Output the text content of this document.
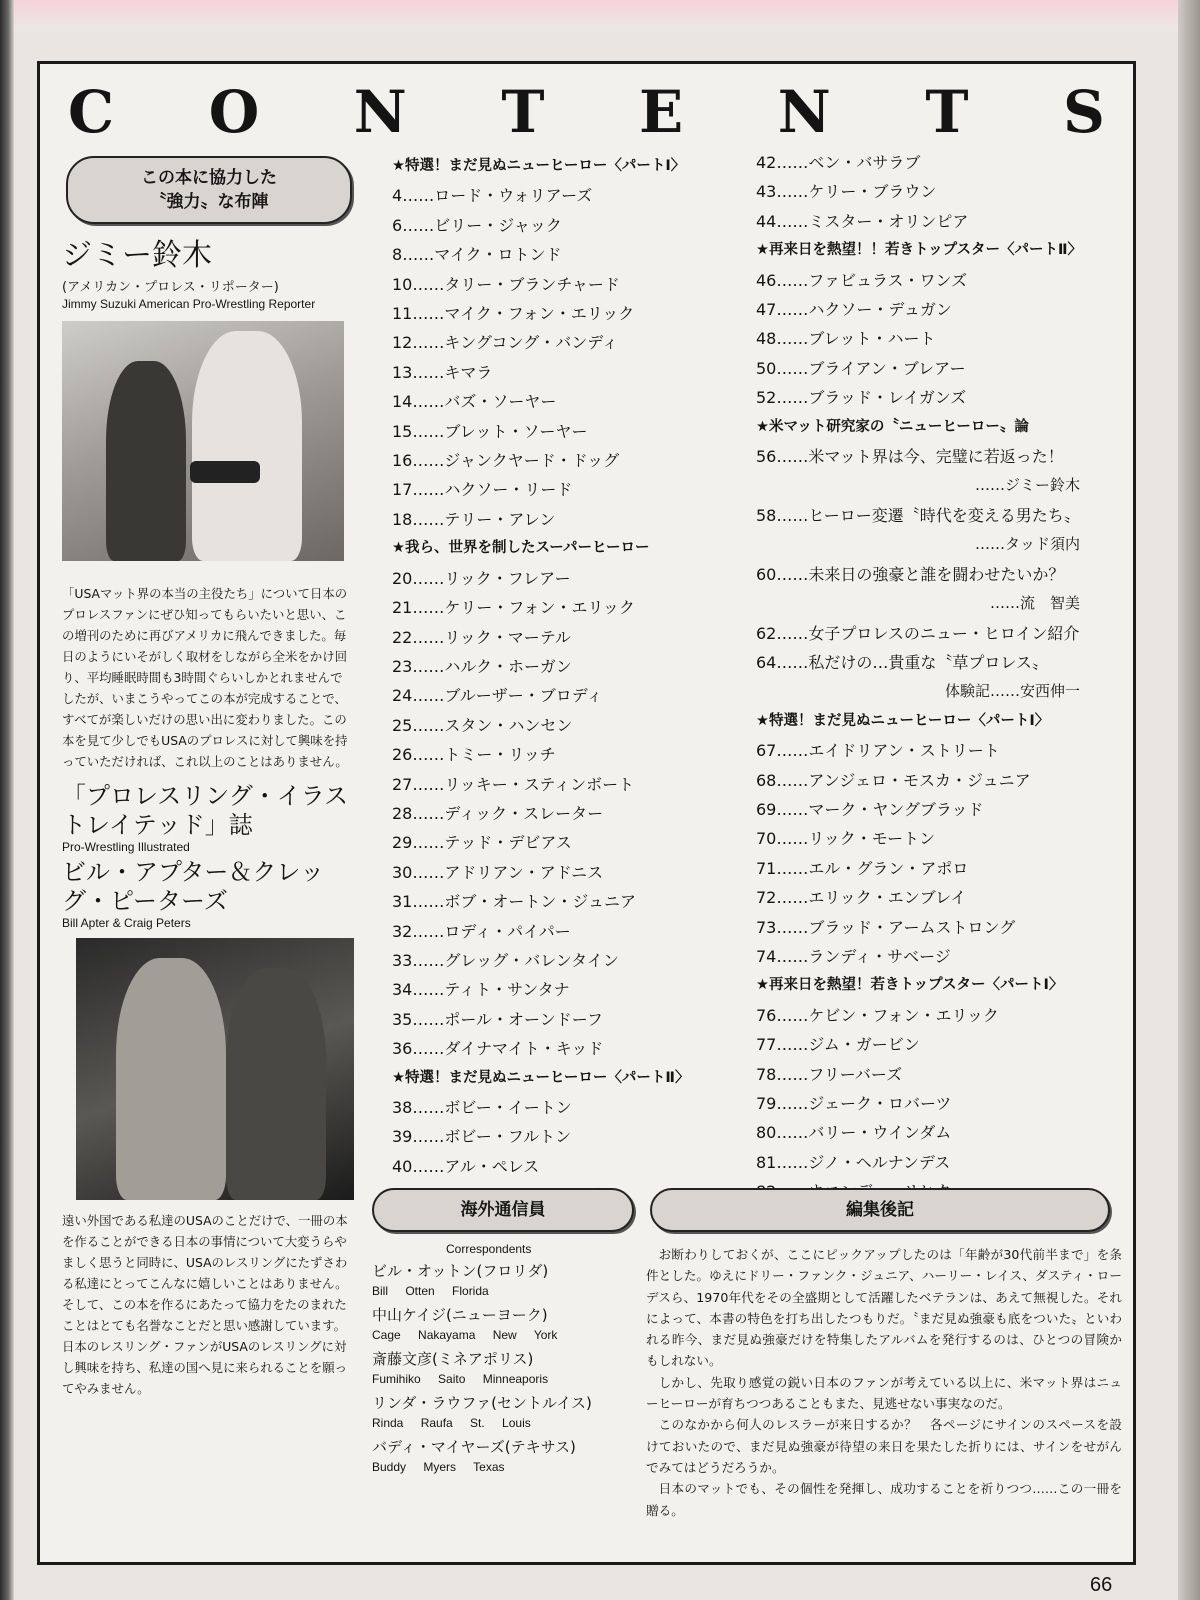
C O N T E N T S
この本に協力した
〝強力〟な布陣
ジミー鈴木
(アメリカン・プロレス・リポーター)
Jimmy Suzuki American Pro-Wrestling Reporter
「USAマット界の本当の主役たち」について日本のプロレスファンにぜひ知ってもらいたいと思い、この増刊のために再びアメリカに飛んできました。毎日のようにいそがしく取材をしながら全米をかけ回り、平均睡眠時間も3時間ぐらいしかとれませんでしたが、いまこうやってこの本が完成することで、すべてが楽しいだけの思い出に変わりました。この本を見て少しでもUSAのプロレスに対して興味を持っていただければ、これ以上のことはありません。
「プロレスリング・イラストレイテッド」誌
Pro-Wrestling Illustrated
ビル・アプター＆クレッグ・ピーターズ
Bill Apter & Craig Peters
遠い外国である私達のUSAのことだけで、一冊の本を作ることができる日本の事情について大変うらやましく思うと同時に、USAのレスリングにたずさわる私達にとってこんなに嬉しいことはありません。そして、この本を作るにあたって協力をたのまれたことはとても名誉なことだと思い感謝しています。日本のレスリング・ファンがUSAのレスリングに対し興味を持ち、私達の国へ見に来られることを願ってやみません。
★特選！まだ見ぬニューヒーロー〈パートⅠ〉
4……ロード・ウォリアーズ
6……ビリー・ジャック
8……マイク・ロトンド
10……タリー・ブランチャード
11……マイク・フォン・エリック
12……キングコング・バンディ
13……キマラ
14……バズ・ソーヤー
15……ブレット・ソーヤー
16……ジャンクヤード・ドッグ
17……ハクソー・リード
18……テリー・アレン
★我ら、世界を制したスーパーヒーロー
20……リック・フレアー
21……ケリー・フォン・エリック
22……リック・マーテル
23……ハルク・ホーガン
24……ブルーザー・ブロディ
25……スタン・ハンセン
26……トミー・リッチ
27……リッキー・スティンボート
28……ディック・スレーター
29……テッド・デビアス
30……アドリアン・アドニス
31……ボブ・オートン・ジュニア
32……ロディ・パイパー
33……グレッグ・バレンタイン
34……ティト・サンタナ
35……ポール・オーンドーフ
36……ダイナマイト・キッド
★特選！まだ見ぬニューヒーロー〈パートⅡ〉
38……ボビー・イートン
39……ボビー・フルトン
40……アル・ペレス
42……ベン・バサラブ
43……ケリー・ブラウン
44……ミスター・オリンピア
★再来日を熱望！！若きトップスター〈パートⅡ〉
46……ファビュラス・ワンズ
47……ハクソー・デュガン
48……ブレット・ハート
50……ブライアン・ブレアー
52……ブラッド・レイガンズ
★米マット研究家の〝ニューヒーロー〟論
56……米マット界は今、完璧に若返った！
……ジミー鈴木
58……ヒーロー変遷〝時代を変える男たち〟
……タッド須内
60……未来日の強豪と誰を闘わせたいか？
……流　智美
62……女子プロレスのニュー・ヒロイン紹介
64……私だけの…貴重な〝草プロレス〟
体験記……安西伸一
★特選！まだ見ぬニューヒーロー〈パートⅠ〉
67……エイドリアン・ストリート
68……アンジェロ・モスカ・ジュニア
69……マーク・ヤングブラッド
70……リック・モートン
71……エル・グラン・アポロ
72……エリック・エンブレイ
73……ブラッド・アームストロング
74……ランディ・サベージ
★再来日を熱望！若きトップスター〈パートⅠ〉
76……ケビン・フォン・エリック
77……ジム・ガービン
78……フリーバーズ
79……ジェーク・ロバーツ
80……バリー・ウインダム
81……ジノ・ヘルナンデス
海外通信員
Correspondents
ビル・オットン(フロリダ)
Bill Otten Florida
中山ケイジ(ニューヨーク)
Cage Nakayama New York
斎藤文彦(ミネアポリス)
Fumihiko Saito Minneaporis
リンダ・ラウファ(セントルイス)
Rinda Raufa St. Louis
バディ・マイヤーズ(テキサス)
Buddy Myers Texas
編集後記

お断わりしておくが、ここにピックアップしたのは「年齢が30代前半まで」を条件とした。ゆえにドリー・ファンク・ジュニア、ハーリー・レイス、ダスティ・ローデスら、1970年代をその全盛期として活躍したベテランは、あえて無視した。それによって、本書の特色を打ち出したつもりだ。〝まだ見ぬ強豪も底をついた〟といわれる昨今、まだ見ぬ強豪だけを特集したアルバムを発行するのは、ひとつの冒険かもしれない。

しかし、先取り感覚の鋭い日本のファンが考えている以上に、米マット界はニューヒーローが育ちつつあることもまた、見逃せない事実なのだ。

このなかから何人のレスラーが来日するか？　各ページにサインのスペースを設けておいたので、まだ見ぬ強豪が待望の来日を果たした折りには、サインをせがんでみてはどうだろうか。

日本のマットでも、その個性を発揮し、成功することを祈りつつ……この一冊を贈る。

66
